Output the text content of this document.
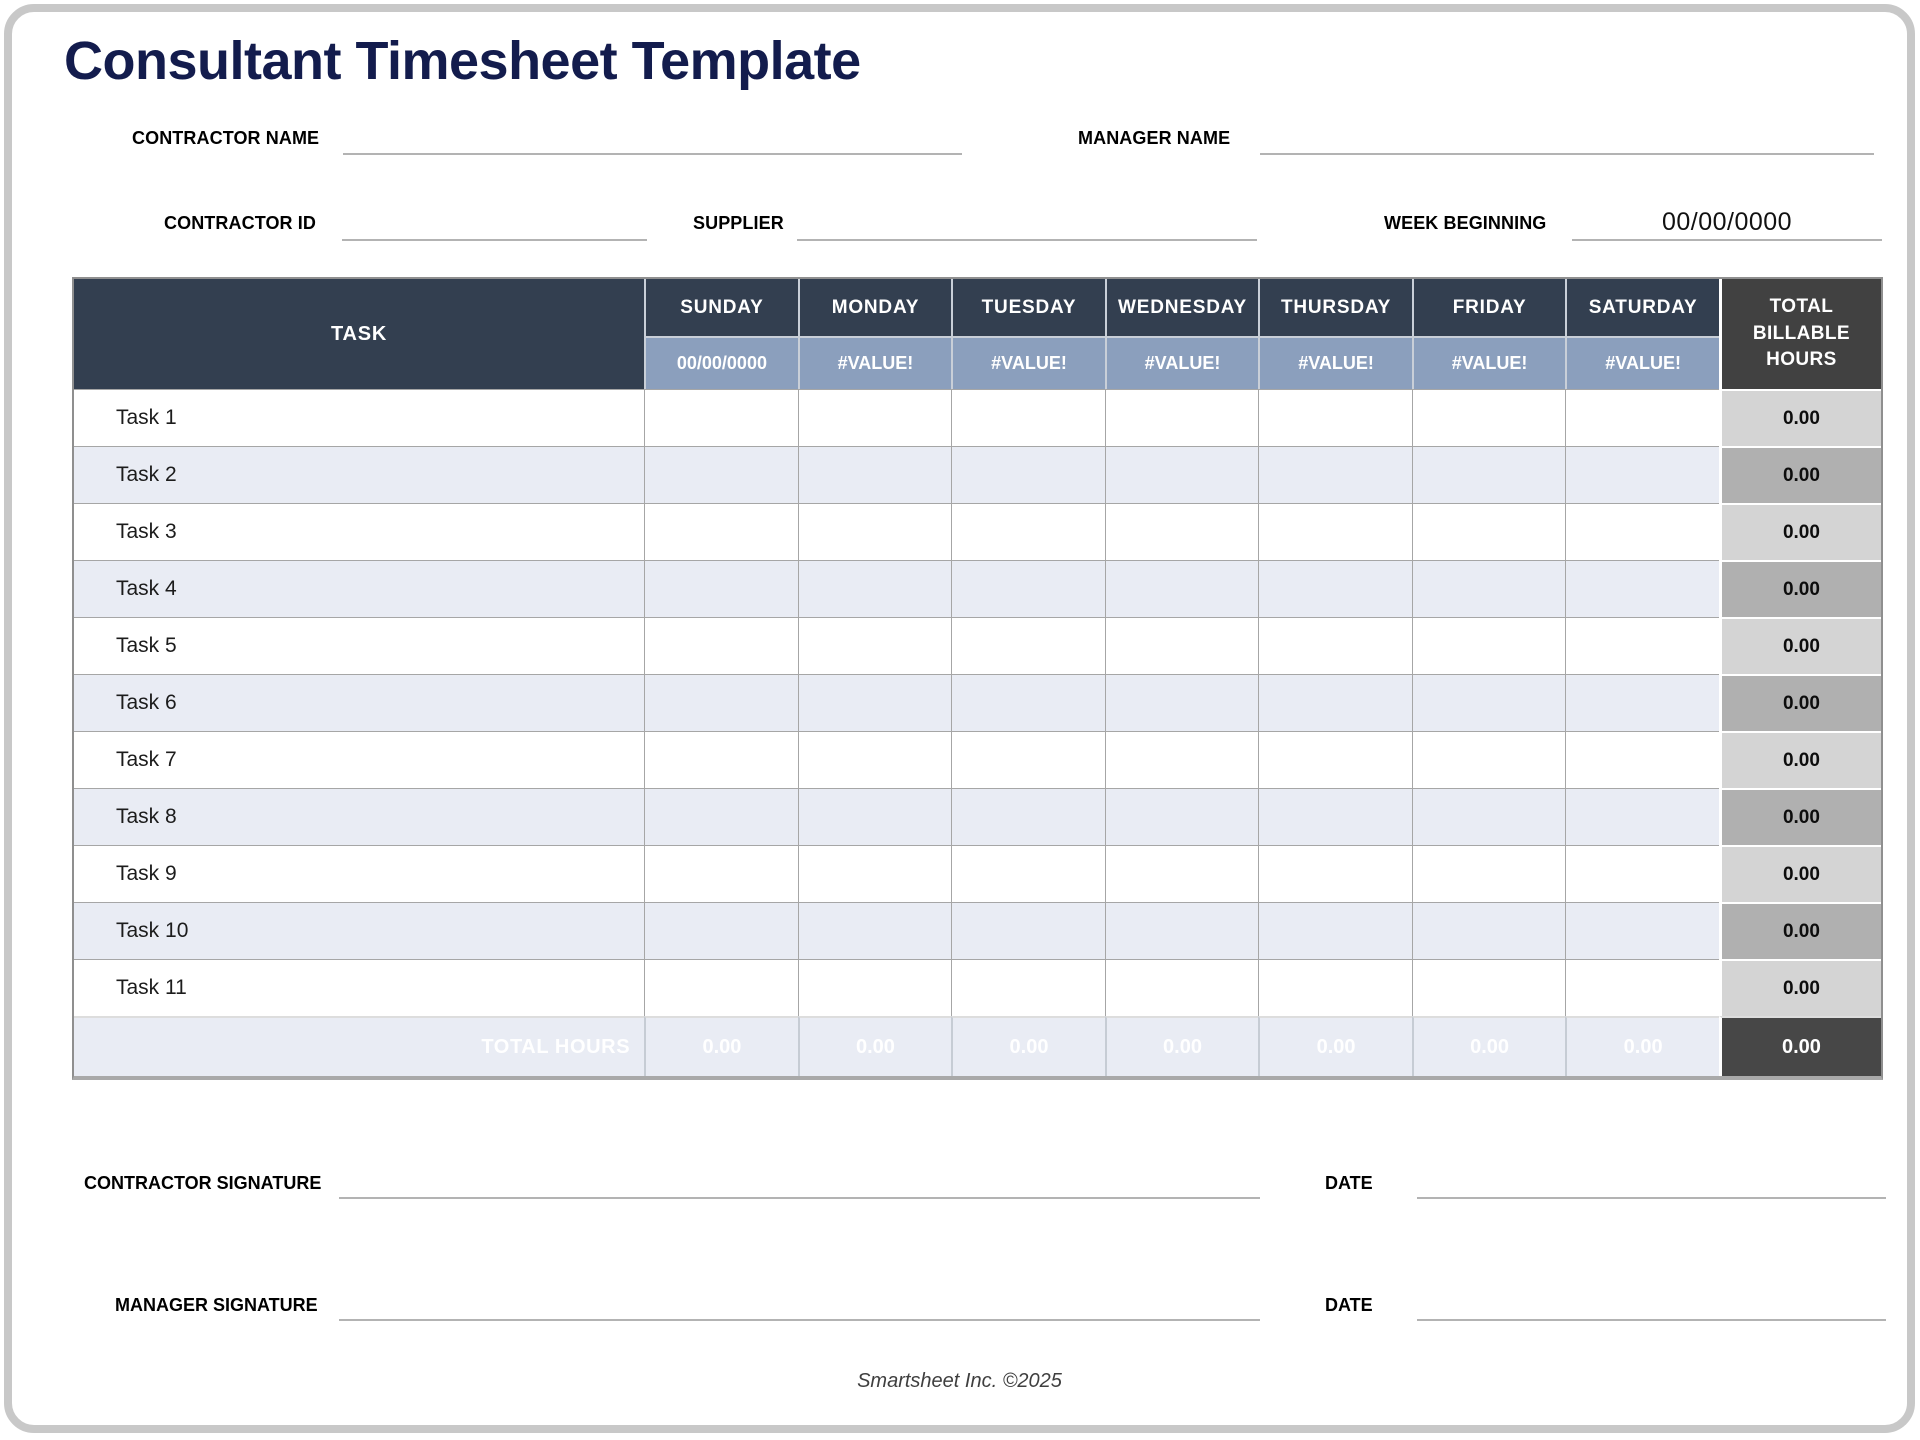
Consultant Timesheet Template
CONTRACTOR NAME	MANAGER NAME
CONTRACTOR ID	SUPPLIER	WEEK BEGINNING	00/00/0000
TASK	SUNDAY	MONDAY	TUESDAY	WEDNESDAY	THURSDAY	FRIDAY	SATURDAY	TOTAL BILLABLE HOURS
	00/00/0000	#VALUE!	#VALUE!	#VALUE!	#VALUE!	#VALUE!	#VALUE!	
Task 1								0.00
Task 2								0.00
Task 3								0.00
Task 4								0.00
Task 5								0.00
Task 6								0.00
Task 7								0.00
Task 8								0.00
Task 9								0.00
Task 10								0.00
Task 11								0.00
TOTAL HOURS	0.00	0.00	0.00	0.00	0.00	0.00	0.00	0.00
CONTRACTOR SIGNATURE	DATE
MANAGER SIGNATURE	DATE
Smartsheet Inc. ©2025
